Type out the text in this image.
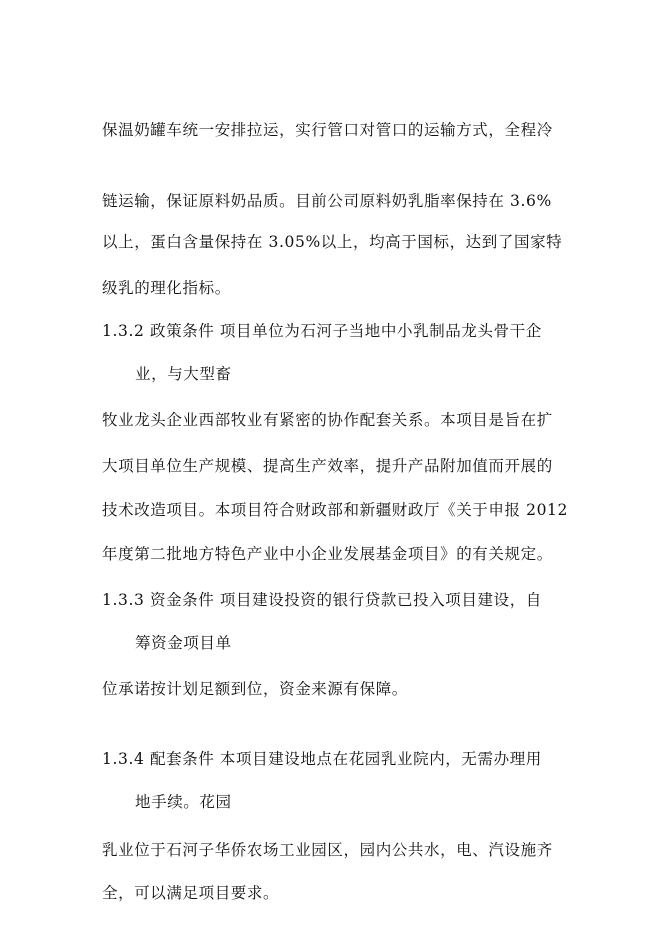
保温奶罐车统一安排拉运，实行管口对管口的运输方式，全程冷
链运输，保证原料奶品质。目前公司原料奶乳脂率保持在 3.6%
以上，蛋白含量保持在 3.05%以上，均高于国标，达到了国家特
级乳的理化指标。
1.3.2 政策条件 项目单位为石河子当地中小乳制品龙头骨干企
业，与大型畜
牧业龙头企业西部牧业有紧密的协作配套关系。本项目是旨在扩
大项目单位生产规模、提高生产效率，提升产品附加值而开展的
技术改造项目。本项目符合财政部和新疆财政厅《关于申报 2012
年度第二批地方特色产业中小企业发展基金项目》的有关规定。
1.3.3 资金条件 项目建设投资的银行贷款已投入项目建设，自
筹资金项目单
位承诺按计划足额到位，资金来源有保障。
1.3.4 配套条件 本项目建设地点在花园乳业院内，无需办理用
地手续。花园
乳业位于石河子华侨农场工业园区，园内公共水，电、汽设施齐
全，可以满足项目要求。
